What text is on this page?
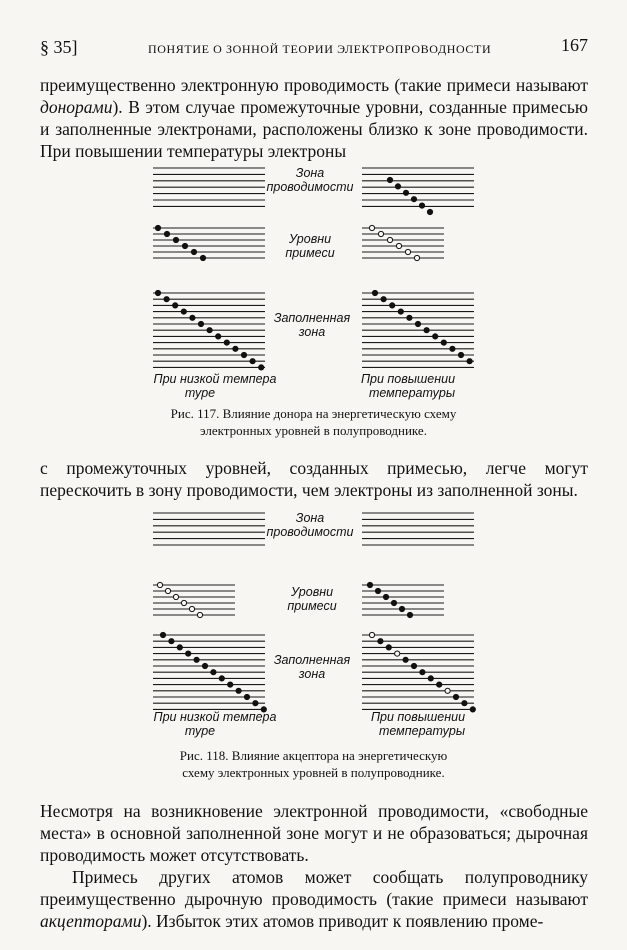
§ 35]	ПОНЯТИЕ О ЗОННОЙ ТЕОРИИ ЭЛЕКТРОПРОВОДНОСТИ	167

преимущественно электронную проводимость (такие примеси называют донорами). В этом случае промежуточные уровни, созданные примесью и заполненные электронами, расположены близко к зоне проводимости. При повышении температуры электроны

Зона
проводимости
Уровни
примеси
Заполненная
зона
При низкой темпера
туре
При повышении
температуры
Рис. 117. Влияние донора на энергетическую схему
электронных уровней в полупроводнике.

с промежуточных уровней, созданных примесью, легче могут перескочить в зону проводимости, чем электроны из заполненной зоны.

Зона
проводимости
Уровни
примеси
Заполненная
зона
При низкой темпера
туре
При повышении
температуры
Рис. 118. Влияние акцептора на энергетическую
схему электронных уровней в полупроводнике.

Несмотря на возникновение электронной проводимости, «свободные места» в основной заполненной зоне могут и не образоваться; дырочная проводимость может отсутствовать.

Примесь других атомов может сообщать полупроводнику преимущественно дырочную проводимость (такие примеси называют акцепторами). Избыток этих атомов приводит к появлению проме-
